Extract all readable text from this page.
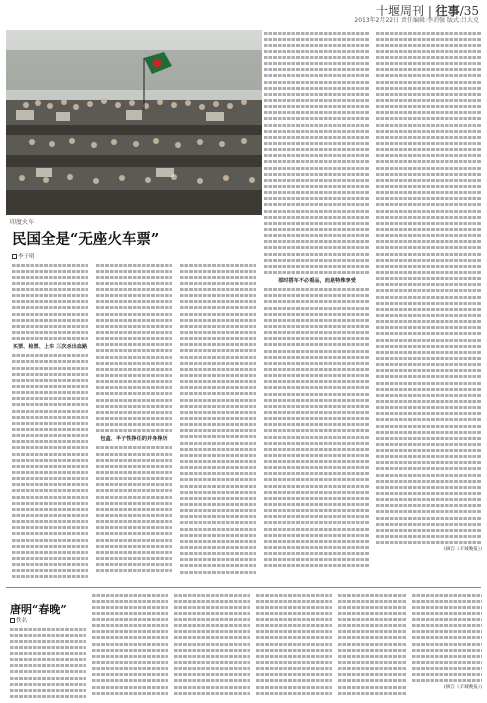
十堰周刊 | 往事/35
2013年2月22日 责任编辑:李消强 版式:吕大克
印度火车
民国全是“无座火车票”
李子明
买票、检票、上车 三次杀出血路
包盒、半子性挣任的并身挣历
那时搭车不必看品，而是特殊享受
(摘自《羊城晚报》)
唐明“春晚”
佚名
(摘自《羊城晚报》)
